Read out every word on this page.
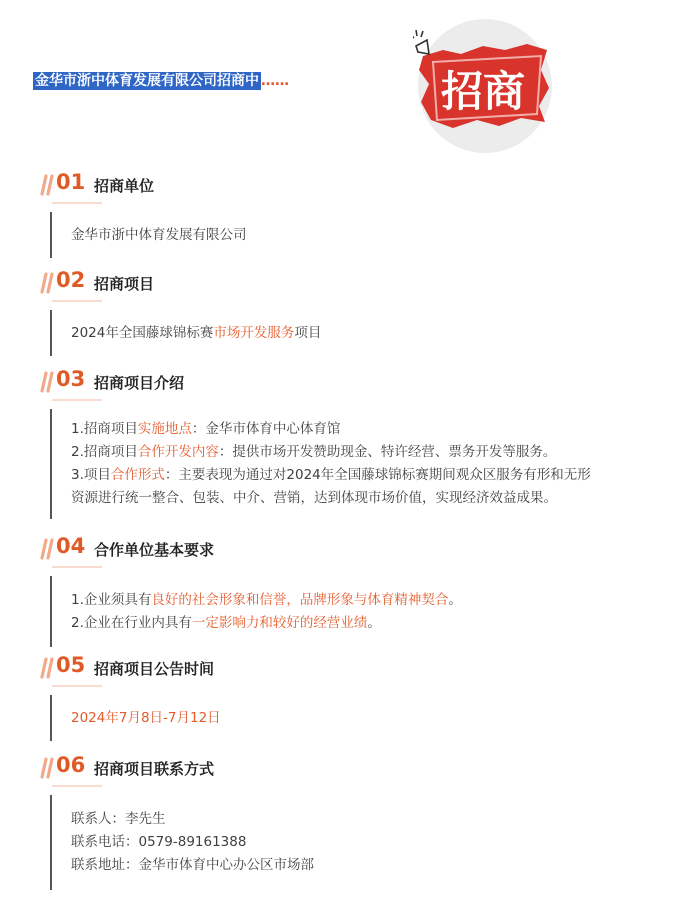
金华市浙中体育发展有限公司招商中 ……	招商
01 招商单位
金华市浙中体育发展有限公司
02 招商项目
2024年全国藤球锦标赛市场开发服务项目
03 招商项目介绍
1.招商项目实施地点：金华市体育中心体育馆
2.招商项目合作开发内容：提供市场开发赞助现金、特许经营、票务开发等服务。
3.项目合作形式：主要表现为通过对2024年全国藤球锦标赛期间观众区服务有形和无形
资源进行统一整合、包装、中介、营销，达到体现市场价值，实现经济效益成果。
04 合作单位基本要求
1.企业须具有良好的社会形象和信誉，品牌形象与体育精神契合。
2.企业在行业内具有一定影响力和较好的经营业绩。
05 招商项目公告时间
2024年7月8日-7月12日
06 招商项目联系方式
联系人：李先生
联系电话：0579-89161388
联系地址：金华市体育中心办公区市场部
